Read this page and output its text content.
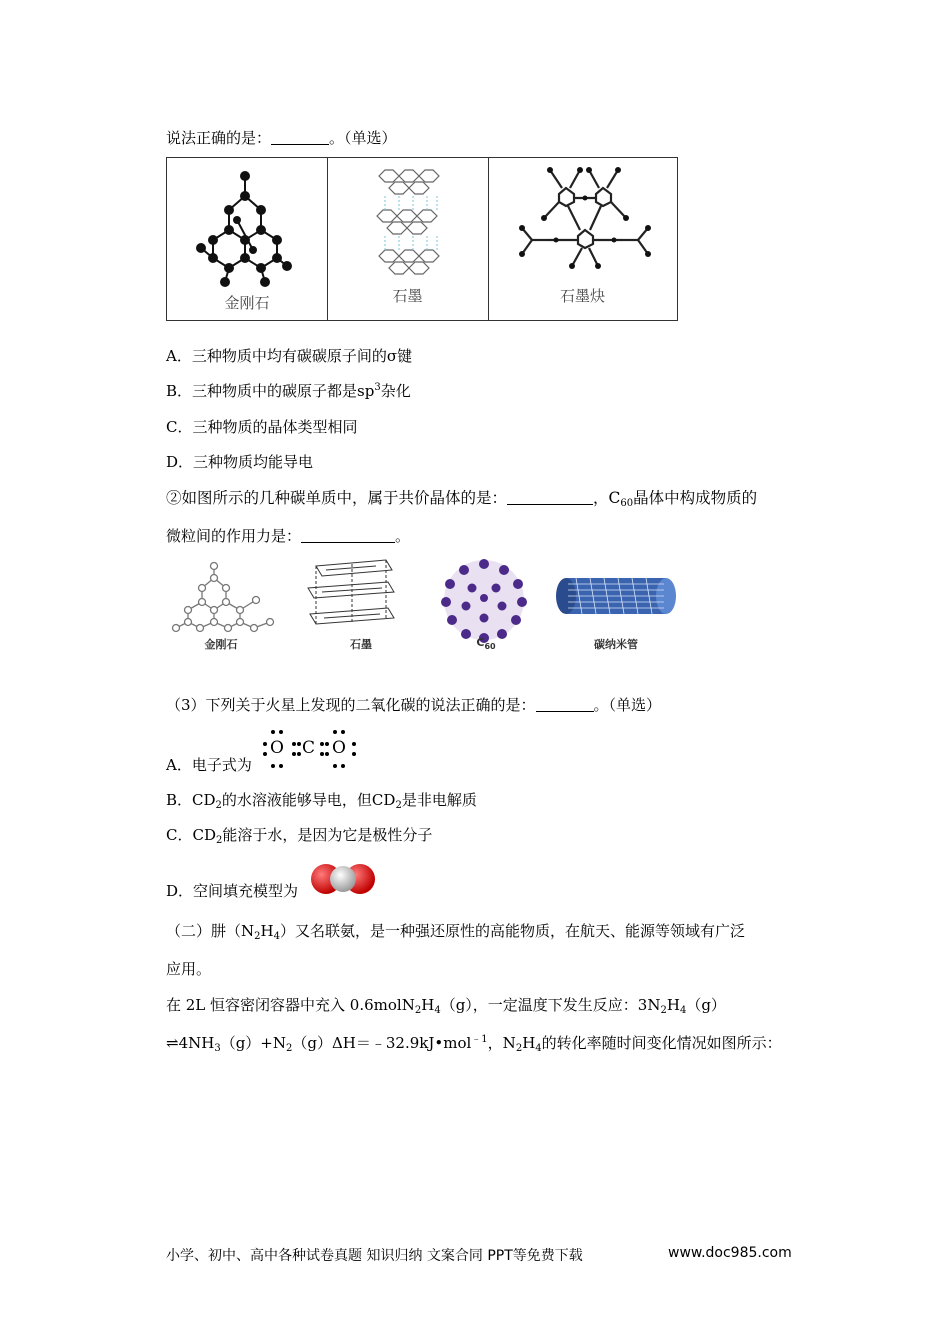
说法正确的是：	。（单选）
金刚石	石墨	石墨炔
A．三种物质中均有碳碳原子间的σ键
B．三种物质中的碳原子都是$sp^3$杂化
C．三种物质的晶体类型相同
D．三种物质均能导电
②如图所示的几种碳单质中，属于共价晶体的是：	，$C_{60}$晶体中构成物质的
微粒间的作用力是：	。
金刚石	石墨	$C_{60}$	碳纳米管
（3）下列关于火星上发现的二氧化碳的说法正确的是：	。（单选）
A．电子式为
O C O
B．$CD_2$的水溶液能够导电，但$CD_2$是非电解质
C．$CD_2$能溶于水，是因为它是极性分子
D．空间填充模型为
（二）肼$(N_2H_4)$又名联氨，是一种强还原性的高能物质，在航天、能源等领域有广泛
应用。
在 2L 恒容密闭容器中充入 $0.6molN_2H_4(g)$，一定温度下发生反应：$3N_2H_4(g)$
$\rightleftharpoons 4NH_3(g)+N_2(g)\Delta H=﹣32.9kJ•mol^{﹣1}$，$N_2H_4$的转化率随时间变化情况如图所示：
小学、初中、高中各种试卷真题 知识归纳 文案合同 PPT等免费下载	www.doc985.com
